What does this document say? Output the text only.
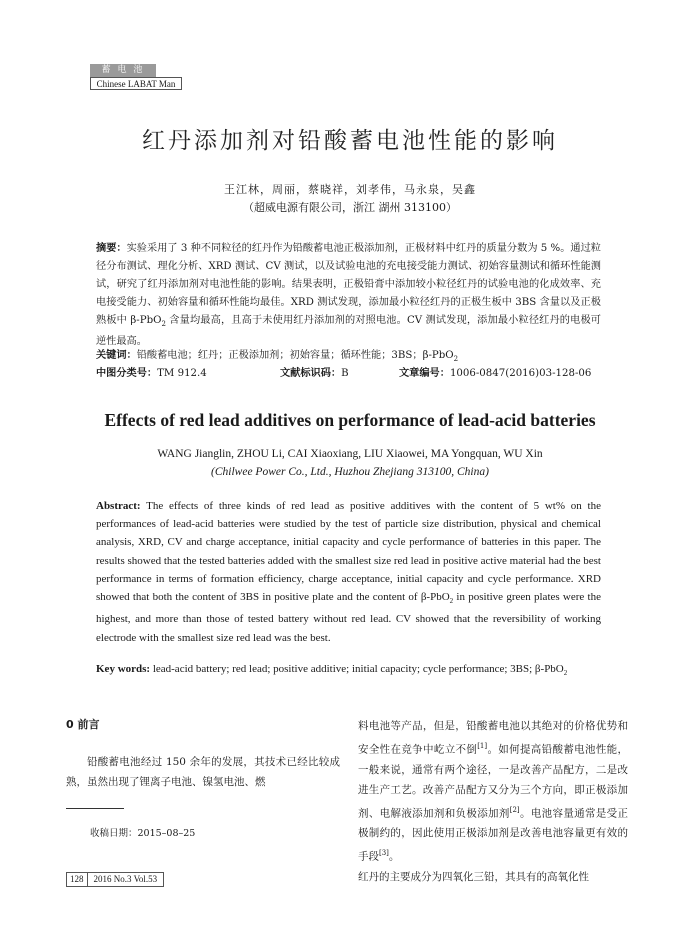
蓄 电 池
Chinese LABAT Man
红丹添加剂对铅酸蓄电池性能的影响
王江林，周丽，蔡晓祥，刘孝伟，马永泉，吴鑫
（超威电源有限公司，浙江 湖州 313100）
摘要：实验采用了 3 种不同粒径的红丹作为铅酸蓄电池正极添加剂，正极材料中红丹的质量分数为 5 %。通过粒径分布测试、理化分析、XRD 测试、CV 测试，以及试验电池的充电接受能力测试、初始容量测试和循环性能测试，研究了红丹添加剂对电池性能的影响。结果表明，正极铅膏中添加较小粒径红丹的试验电池的化成效率、充电接受能力、初始容量和循环性能均最佳。XRD 测试发现，添加最小粒径红丹的正极生板中 3BS 含量以及正极熟板中 β-PbO$_2$ 含量均最高，且高于未使用红丹添加剂的对照电池。CV 测试发现，添加最小粒径红丹的电极可逆性最高。
关键词：铅酸蓄电池；红丹；正极添加剂；初始容量；循环性能；3BS；β-PbO$_2$
中图分类号：TM 912.4	文献标识码：B	文章编号：1006-0847(2016)03-128-06
Effects of red lead additives on performance of lead-acid batteries
WANG Jianglin, ZHOU Li, CAI Xiaoxiang, LIU Xiaowei, MA Yongquan, WU Xin
(Chilwee Power Co., Ltd., Huzhou Zhejiang 313100, China)
Abstract: The effects of three kinds of red lead as positive additives with the content of 5 wt% on the performances of lead-acid batteries were studied by the test of particle size distribution, physical and chemical analysis, XRD, CV and charge acceptance, initial capacity and cycle performance of batteries in this paper. The results showed that the tested batteries added with the smallest size red lead in positive active material had the best performance in terms of formation efficiency, charge acceptance, initial capacity and cycle performance. XRD showed that both the content of 3BS in positive plate and the content of β-PbO$_2$ in positive green plates were the highest, and more than those of tested battery without red lead. CV showed that the reversibility of working electrode with the smallest size red lead was the best.
Key words: lead-acid battery; red lead; positive additive; initial capacity; cycle performance; 3BS; β-PbO$_2$
0 前言
铅酸蓄电池经过 150 余年的发展，其技术已经比较成熟，虽然出现了锂离子电池、镍氢电池、燃

料电池等产品，但是，铅酸蓄电池以其绝对的价格优势和安全性在竞争中屹立不倒[1]。如何提高铅酸蓄电池性能，一般来说，通常有两个途径，一是改善产品配方，二是改进生产工艺。改善产品配方又分为三个方向，即正极添加剂、电解液添加剂和负极添加剂[2]。电池容量通常是受正极制约的，因此使用正极添加剂是改善电池容量更有效的手段[3]。

红丹的主要成分为四氧化三铅，其具有的高氧化性

收稿日期：2015–08–25
128	2016 No.3 Vol.53
